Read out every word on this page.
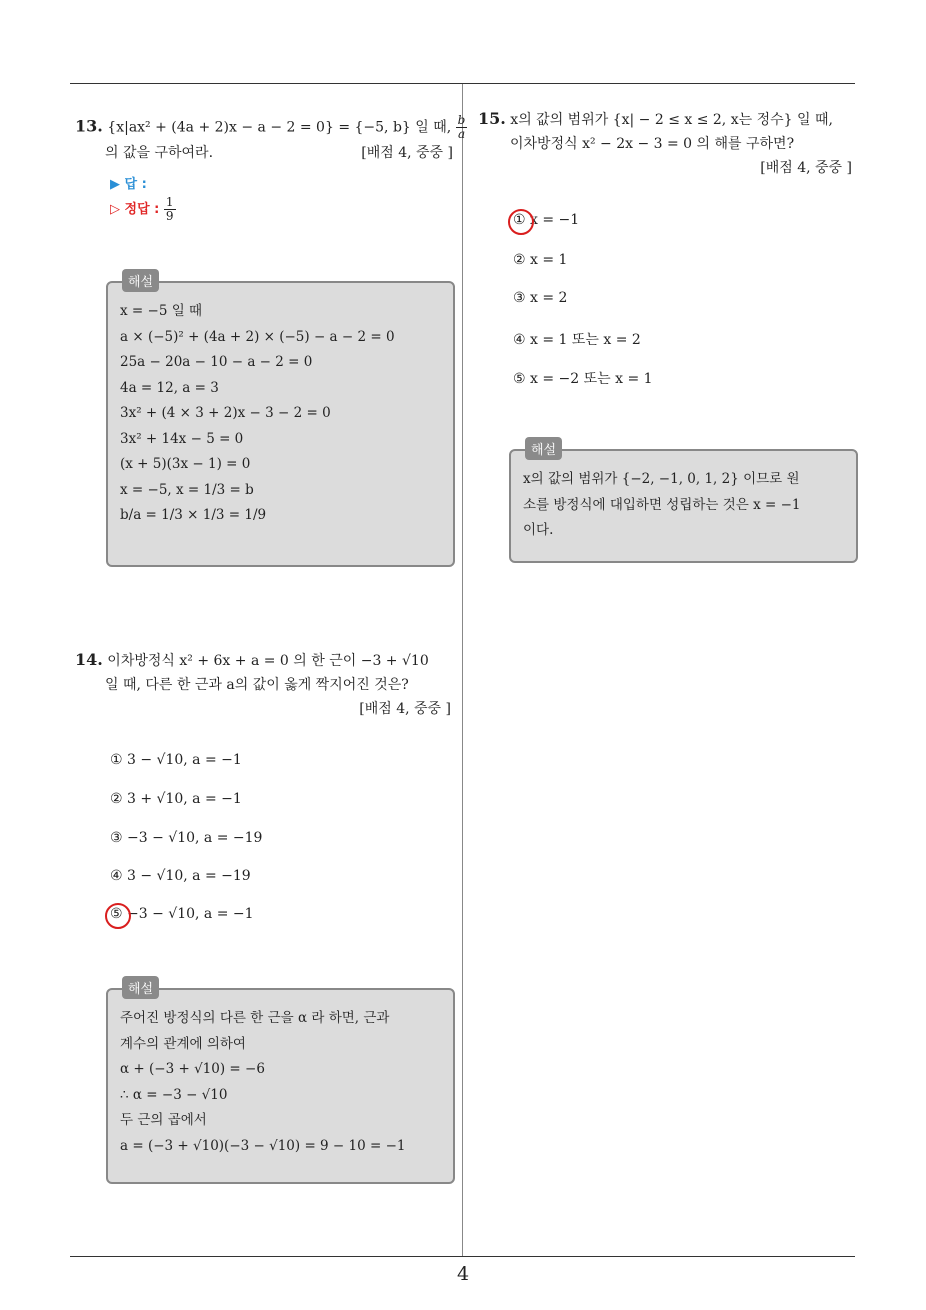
4
13. {x|ax² + (4a + 2)x − a − 2 = 0} = {−5, b} 일 때, $\frac{b}{a}$
의 값을 구하여라.	[배점 4, 중중 ]
▶ 답 :
▷ 정답 : $\frac{1}{9}$
해설
x = −5 일 때
a × (−5)² + (4a + 2) × (−5) − a − 2 = 0
25a − 20a − 10 − a − 2 = 0
4a = 12, a = 3
3x² + (4 × 3 + 2)x − 3 − 2 = 0
3x² + 14x − 5 = 0
(x + 5)(3x − 1) = 0
x = −5, x = 1/3 = b
b/a = 1/3 × 1/3 = 1/9
14. 이차방정식 x² + 6x + a = 0 의 한 근이 −3 + √10
일 때, 다른 한 근과 a의 값이 옳게 짝지어진 것은?
[배점 4, 중중 ]
① 3 − √10, a = −1
② 3 + √10, a = −1
③ −3 − √10, a = −19
④ 3 − √10, a = −19
⑤ −3 − √10, a = −1
해설
주어진 방정식의 다른 한 근을 α 라 하면, 근과
계수의 관계에 의하여
α + (−3 + √10) = −6
∴ α = −3 − √10
두 근의 곱에서
a = (−3 + √10)(−3 − √10) = 9 − 10 = −1
15. x의 값의 범위가 {x| − 2 ≤ x ≤ 2, x는 정수} 일 때,
이차방정식 x² − 2x − 3 = 0 의 해를 구하면?
[배점 4, 중중 ]
① x = −1
② x = 1
③ x = 2
④ x = 1 또는 x = 2
⑤ x = −2 또는 x = 1
해설
x의 값의 범위가 {−2, −1, 0, 1, 2} 이므로 원
소를 방정식에 대입하면 성립하는 것은 x = −1
이다.
